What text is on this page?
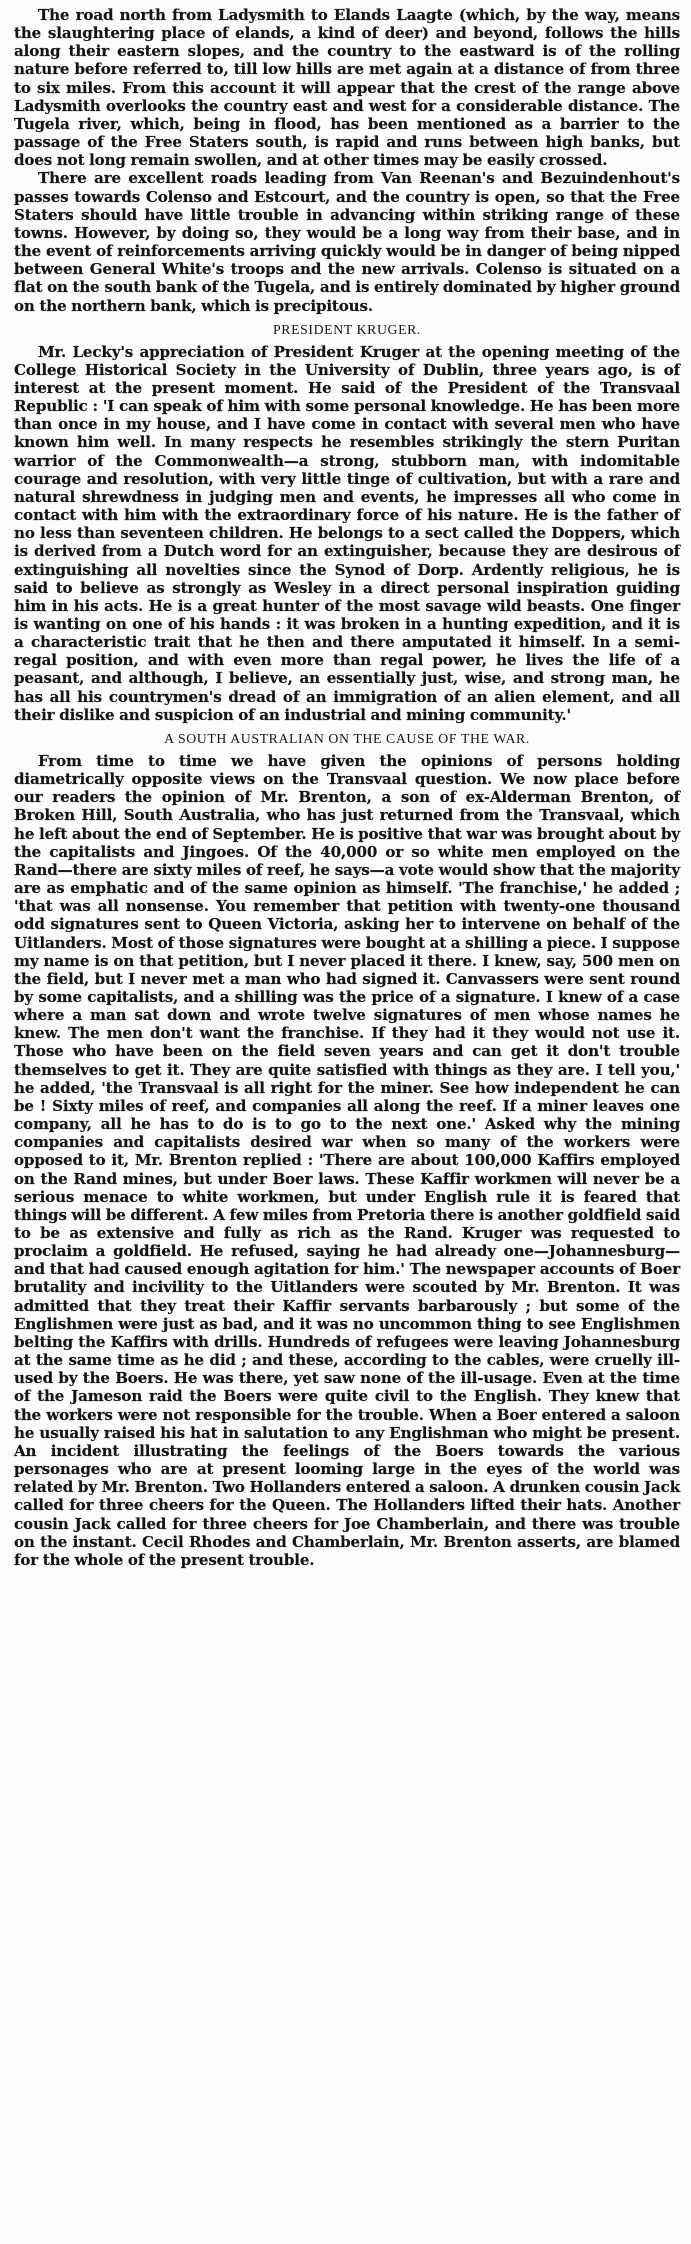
The road north from Ladysmith to Elands Laagte (which, by the way, means the slaughtering place of elands, a kind of deer) and beyond, follows the hills along their eastern slopes, and the country to the eastward is of the rolling nature before referred to, till low hills are met again at a distance of from three to six miles. From this account it will appear that the crest of the range above Ladysmith overlooks the country east and west for a considerable distance. The Tugela river, which, being in flood, has been mentioned as a barrier to the passage of the Free Staters south, is rapid and runs between high banks, but does not long remain swollen, and at other times may be easily crossed.

There are excellent roads leading from Van Reenan's and Bezuindenhout's passes towards Colenso and Estcourt, and the country is open, so that the Free Staters should have little trouble in advancing within striking range of these towns. However, by doing so, they would be a long way from their base, and in the event of reinforcements arriving quickly would be in danger of being nipped between General White's troops and the new arrivals. Colenso is situated on a flat on the south bank of the Tugela, and is entirely dominated by higher ground on the northern bank, which is precipitous.

PRESIDENT KRUGER.

Mr. Lecky's appreciation of President Kruger at the opening meeting of the College Historical Society in the University of Dublin, three years ago, is of interest at the present moment. He said of the President of the Transvaal Republic : 'I can speak of him with some personal knowledge. He has been more than once in my house, and I have come in contact with several men who have known him well. In many respects he resembles strikingly the stern Puritan warrior of the Commonwealth—a strong, stubborn man, with indomitable courage and resolution, with very little tinge of cultivation, but with a rare and natural shrewdness in judging men and events, he impresses all who come in contact with him with the extraordinary force of his nature. He is the father of no less than seventeen children. He belongs to a sect called the Doppers, which is derived from a Dutch word for an extinguisher, because they are desirous of extinguishing all novelties since the Synod of Dorp. Ardently religious, he is said to believe as strongly as Wesley in a direct personal inspiration guiding him in his acts. He is a great hunter of the most savage wild beasts. One finger is wanting on one of his hands : it was broken in a hunting expedition, and it is a characteristic trait that he then and there amputated it himself. In a semi-regal position, and with even more than regal power, he lives the life of a peasant, and although, I believe, an essentially just, wise, and strong man, he has all his countrymen's dread of an immigration of an alien element, and all their dislike and suspicion of an industrial and mining community.'

A SOUTH AUSTRALIAN ON THE CAUSE OF THE WAR.

From time to time we have given the opinions of persons holding diametrically opposite views on the Transvaal question. We now place before our readers the opinion of Mr. Brenton, a son of ex-Alderman Brenton, of Broken Hill, South Australia, who has just returned from the Transvaal, which he left about the end of September. He is positive that war was brought about by the capitalists and Jingoes. Of the 40,000 or so white men employed on the Rand—there are sixty miles of reef, he says—a vote would show that the majority are as emphatic and of the same opinion as himself. 'The franchise,' he added ; 'that was all nonsense. You remember that petition with twenty-one thousand odd signatures sent to Queen Victoria, asking her to intervene on behalf of the Uitlanders. Most of those signatures were bought at a shilling a piece. I suppose my name is on that petition, but I never placed it there. I knew, say, 500 men on the field, but I never met a man who had signed it. Canvassers were sent round by some capitalists, and a shilling was the price of a signature. I knew of a case where a man sat down and wrote twelve signatures of men whose names he knew. The men don't want the franchise. If they had it they would not use it. Those who have been on the field seven years and can get it don't trouble themselves to get it. They are quite satisfied with things as they are. I tell you,' he added, 'the Transvaal is all right for the miner. See how independent he can be ! Sixty miles of reef, and companies all along the reef. If a miner leaves one company, all he has to do is to go to the next one.' Asked why the mining companies and capitalists desired war when so many of the workers were opposed to it, Mr. Brenton replied : 'There are about 100,000 Kaffirs employed on the Rand mines, but under Boer laws. These Kaffir workmen will never be a serious menace to white workmen, but under English rule it is feared that things will be different. A few miles from Pretoria there is another goldfield said to be as extensive and fully as rich as the Rand. Kruger was requested to proclaim a goldfield. He refused, saying he had already one—Johannesburg—and that had caused enough agitation for him.' The newspaper accounts of Boer brutality and incivility to the Uitlanders were scouted by Mr. Brenton. It was admitted that they treat their Kaffir servants barbarously ; but some of the Englishmen were just as bad, and it was no uncommon thing to see Englishmen belting the Kaffirs with drills. Hundreds of refugees were leaving Johannesburg at the same time as he did ; and these, according to the cables, were cruelly ill-used by the Boers. He was there, yet saw none of the ill-usage. Even at the time of the Jameson raid the Boers were quite civil to the English. They knew that the workers were not responsible for the trouble. When a Boer entered a saloon he usually raised his hat in salutation to any Englishman who might be present. An incident illustrating the feelings of the Boers towards the various personages who are at present looming large in the eyes of the world was related by Mr. Brenton. Two Hollanders entered a saloon. A drunken cousin Jack called for three cheers for the Queen. The Hollanders lifted their hats. Another cousin Jack called for three cheers for Joe Chamberlain, and there was trouble on the instant. Cecil Rhodes and Chamberlain, Mr. Brenton asserts, are blamed for the whole of the present trouble.
